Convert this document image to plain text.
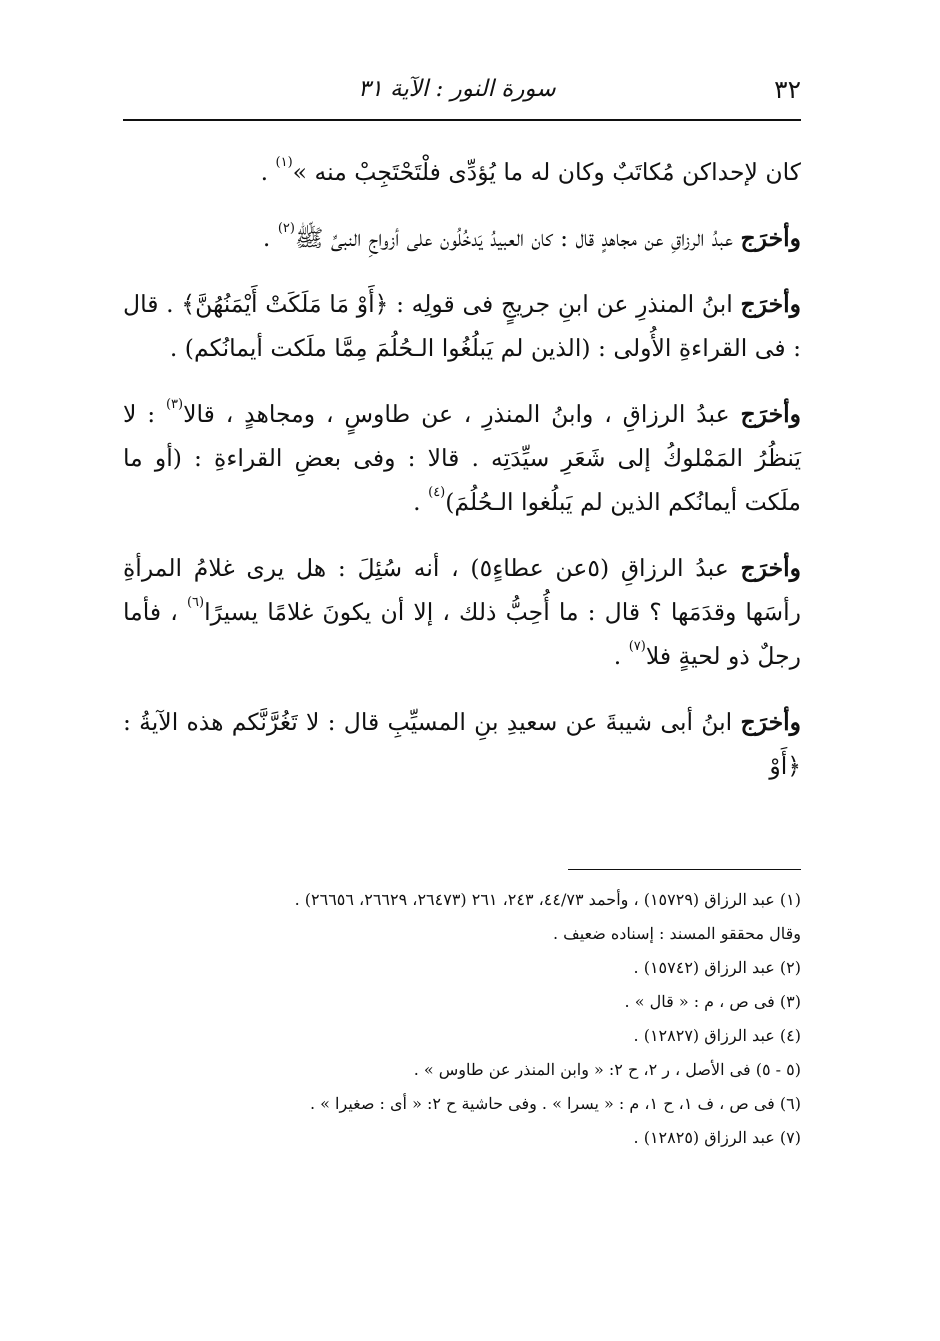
٣٢
سورة النور : الآية ٣١

كان لإحداكن مُكاتَبٌ وكان له ما يُؤدِّى فلْتَحْتَجِبْ منه »$^{(١)}$ .

وأخرَج عبدُ الرزاقِ عن مجاهدٍ قال : كان العبيدُ يَدخُلُون على أزواجِ النبىِّ ﷺ$^{(٢)}$ .

وأخرَج ابنُ المنذرِ عن ابنِ جريجٍ فى قولِه : ﴿أَوْ مَا مَلَكَتْ أَيْمَنُهُنَّ﴾ . قال : فى القراءةِ الأُولى : (الذين لم يَبلُغُوا الـحُلُمَ مِمَّا ملَكت أيمانُكم) .

وأخرَج عبدُ الرزاقِ ، وابنُ المنذرِ ، عن طاوسٍ ، ومجاهدٍ ، قالا$^{(٣)}$ : لا يَنظُرُ المَمْلوكُ إلى شَعَرِ سيِّدَتِه . قالا : وفى بعضِ القراءةِ : (أو ما ملَكت أيمانُكم الذين لم يَبلُغوا الـحُلُمَ)$^{(٤)}$ .

وأخرَج عبدُ الرزاقِ (٥عن عطاءٍ٥) ، أنه سُئِلَ : هل يرى غلامُ المرأةِ رأسَها وقدَمَها ؟ قال : ما أُحِبُّ ذلك ، إلا أن يكونَ غلامًا يسيرًا$^{(٦)}$ ، فأما رجلٌ ذو لحيةٍ فلا$^{(٧)}$ .

وأخرَج ابنُ أبى شيبةَ عن سعيدِ بنِ المسيِّبِ قال : لا تَغُرَّنَّكم هذه الآيةُ : ﴿أَوْ

(١) عبد الرزاق (١٥٧٢٩) ، وأحمد ٤٤/٧٣، ٢٤٣، ٢٦١ (٢٦٤٧٣، ٢٦٦٢٩، ٢٦٦٥٦) .

وقال محققو المسند : إسناده ضعيف .

(٢) عبد الرزاق (١٥٧٤٢) .

(٣) فى ص ، م : « قال » .

(٤) عبد الرزاق (١٢٨٢٧) .

(٥ - ٥) فى الأصل ، ر ٢، ح ٢: « وابن المنذر عن طاوس » .

(٦) فى ص ، ف ١، ح ١، م : « يسرا » . وفى حاشية ح ٢: « أى : صغيرا » .

(٧) عبد الرزاق (١٢٨٢٥) .
